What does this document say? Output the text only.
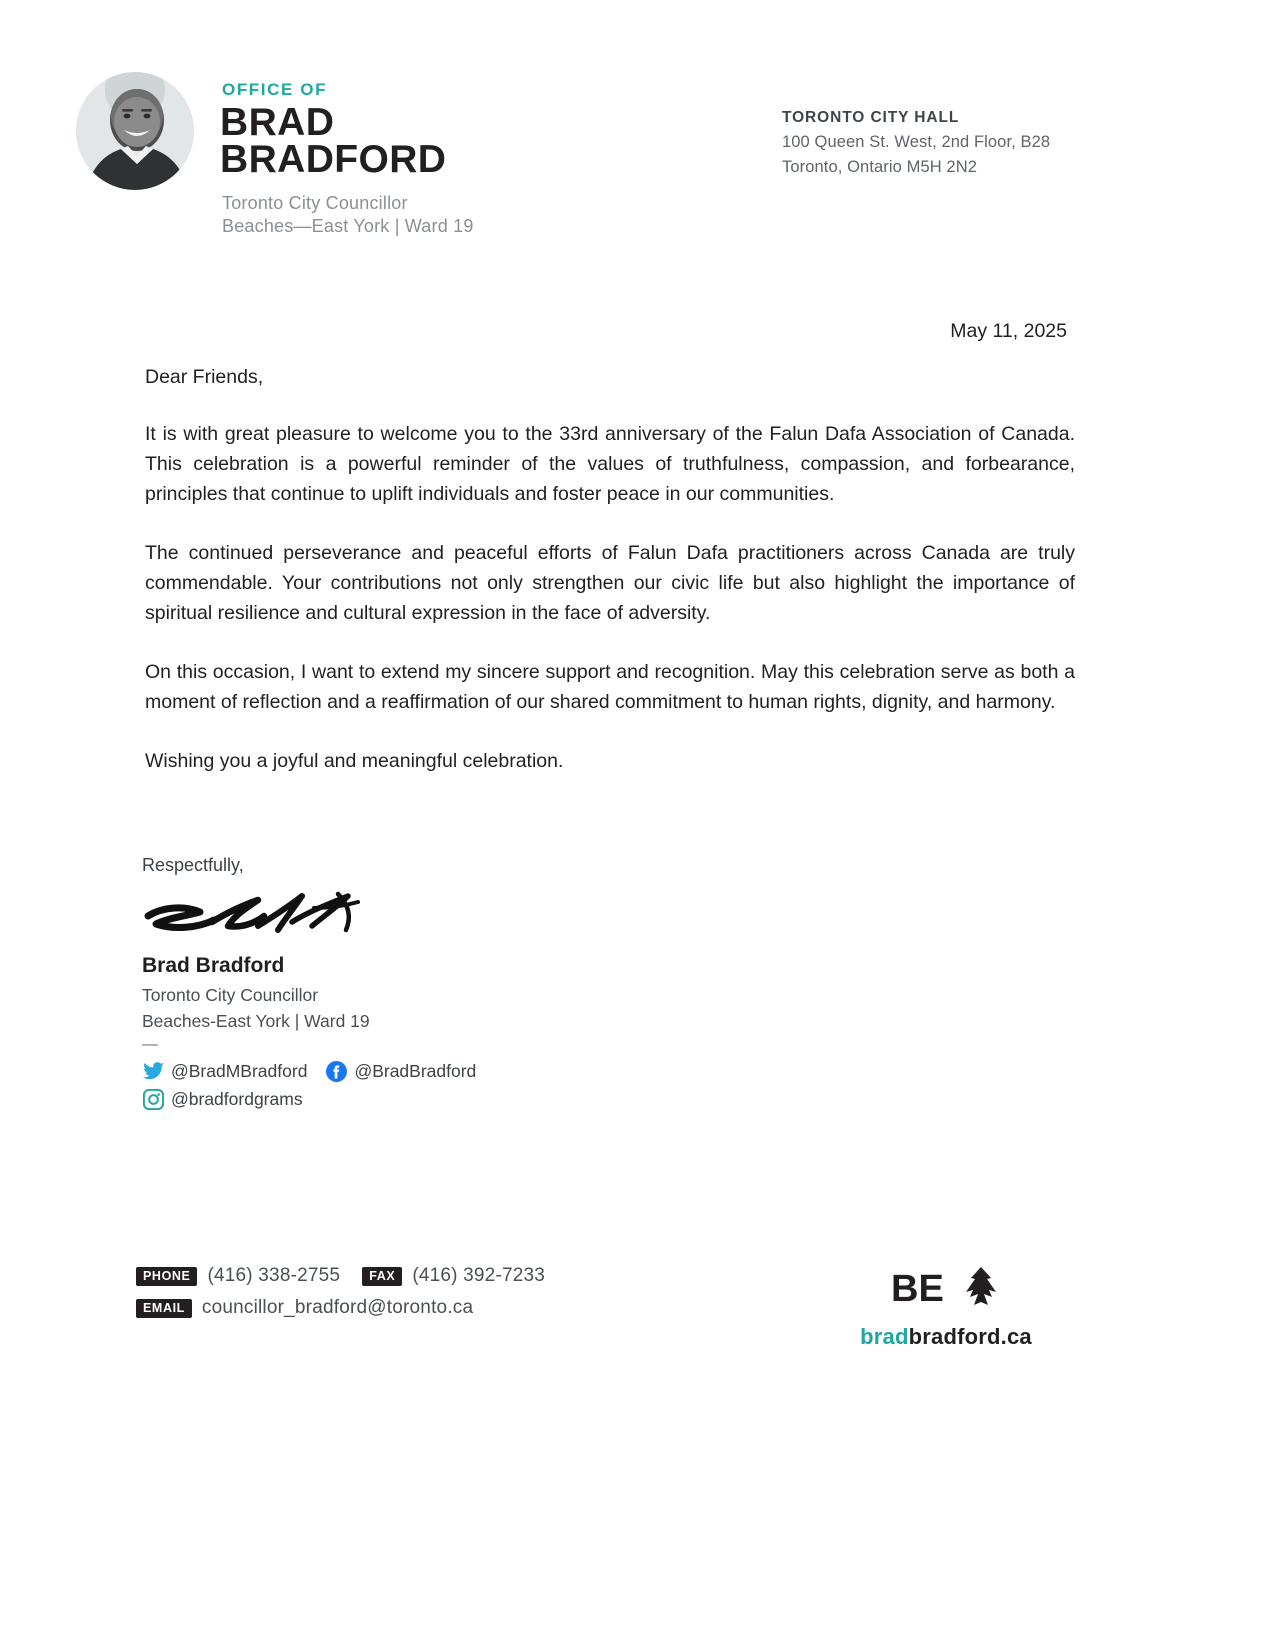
OFFICE OF
BRAD
BRADFORD
Toronto City Councillor
Beaches—East York | Ward 19
TORONTO CITY HALL
100 Queen St. West, 2nd Floor, B28
Toronto, Ontario M5H 2N2
May 11, 2025

Dear Friends,

It is with great pleasure to welcome you to the 33rd anniversary of the Falun Dafa Association of Canada. This celebration is a powerful reminder of the values of truthfulness, compassion, and forbearance, principles that continue to uplift individuals and foster peace in our communities.

The continued perseverance and peaceful efforts of Falun Dafa practitioners across Canada are truly commendable. Your contributions not only strengthen our civic life but also highlight the importance of spiritual resilience and cultural expression in the face of adversity.

On this occasion, I want to extend my sincere support and recognition. May this celebration serve as both a moment of reflection and a reaffirmation of our shared commitment to human rights, dignity, and harmony.

Wishing you a joyful and meaningful celebration.

Respectfully,
Brad Bradford
Toronto City Councillor
Beaches-East York | Ward 19
—
@BradMBradford	@BradBradford
@bradfordgrams
PHONE (416) 338-2755	FAX (416) 392-7233
EMAIL councillor_bradford@toronto.ca	BE
bradbradford.ca
